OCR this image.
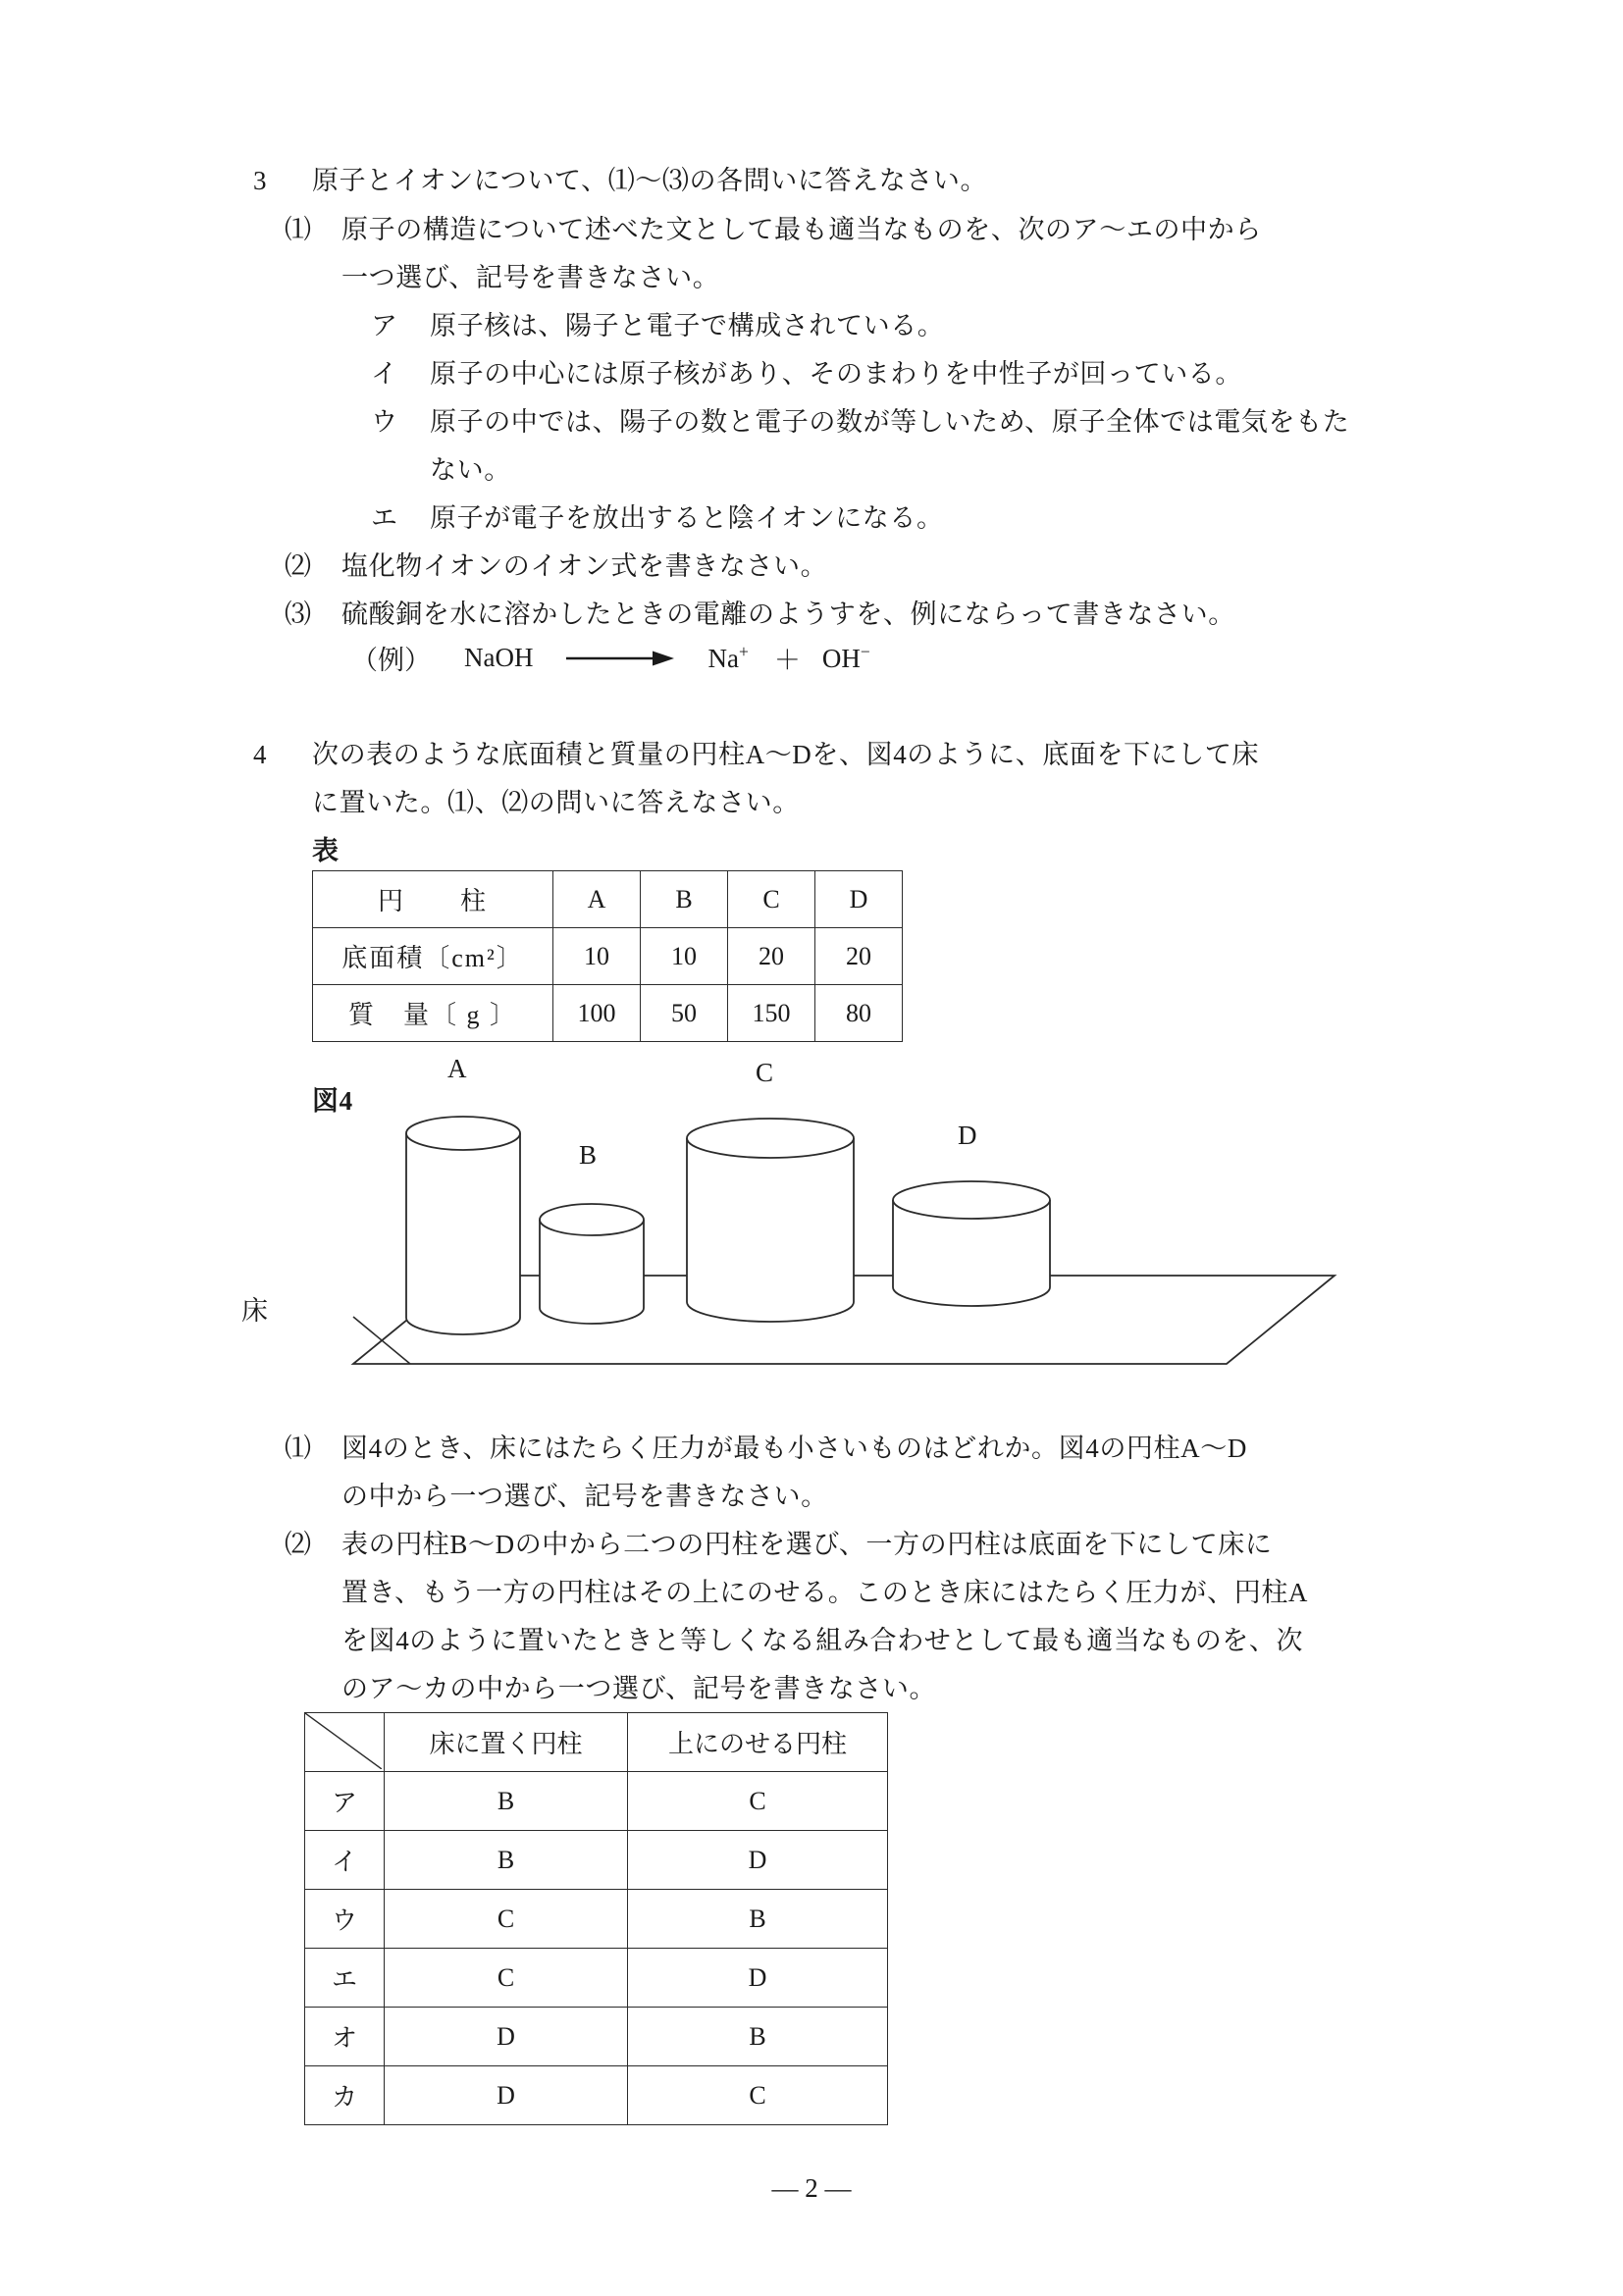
3 原子とイオンについて、⑴～⑶の各問いに答えなさい。
⑴ 原子の構造について述べた文として最も適当なものを、次のア～エの中から
一つ選び、記号を書きなさい。
ア 原子核は、陽子と電子で構成されている。
イ 原子の中心には原子核があり、そのまわりを中性子が回っている。
ウ 原子の中では、陽子の数と電子の数が等しいため、原子全体では電気をもた
ない。
エ 原子が電子を放出すると陰イオンになる。
⑵ 塩化物イオンのイオン式を書きなさい。
⑶ 硫酸銅を水に溶かしたときの電離のようすを、例にならって書きなさい。
（例） NaOH	Na+ ＋ OH−
4 次の表のような底面積と質量の円柱A～Dを、図4のように、底面を下にして床
に置いた。⑴、⑵の問いに答えなさい。
表
円　　柱	A	B	C	D
底面積〔cm²〕	10	10	20	20
質　量〔 g 〕	100	50	150	80
図4
A
B
C
D
床
⑴ 図4のとき、床にはたらく圧力が最も小さいものはどれか。図4の円柱A～D
の中から一つ選び、記号を書きなさい。
⑵ 表の円柱B～Dの中から二つの円柱を選び、一方の円柱は底面を下にして床に
置き、もう一方の円柱はその上にのせる。このとき床にはたらく圧力が、円柱A
を図4のように置いたときと等しくなる組み合わせとして最も適当なものを、次
のア～カの中から一つ選び、記号を書きなさい。
	床に置く円柱	上にのせる円柱
ア	B	C
イ	B	D
ウ	C	B
エ	C	D
オ	D	B
カ	D	C
— 2 —
